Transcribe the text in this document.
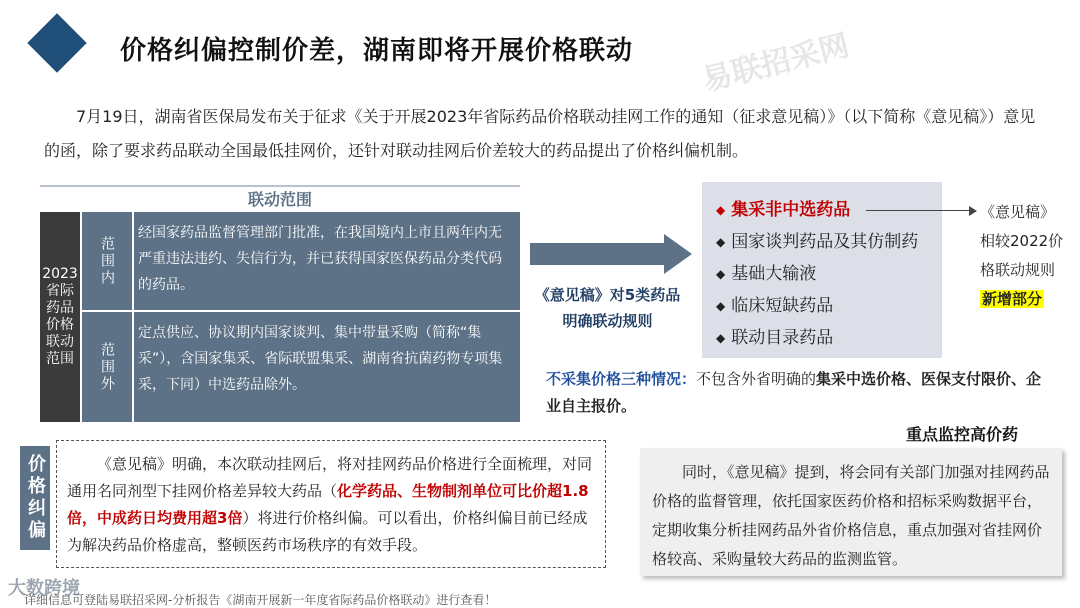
价格纠偏控制价差，湖南即将开展价格联动 易联招采网
7月19日，湖南省医保局发布关于征求《关于开展2023年省际药品价格联动挂网工作的通知（征求意见稿）》（以下简称《意见稿》）意见的函，除了要求药品联动全国最低挂网价，还针对联动挂网后价差较大的药品提出了价格纠偏机制。
联动范围
2023省际药品价格联动范围
范围内
经国家药品监督管理部门批准，在我国境内上市且两年内无严重违法违约、失信行为，并已获得国家医保药品分类代码的药品。
范围外
定点供应、协议期内国家谈判、集中带量采购（简称“集采”），含国家集采、省际联盟集采、湖南省抗菌药物专项集采，下同）中选药品除外。
《意见稿》对5类药品明确联动规则
◆ 集采非中选药品
◆ 国家谈判药品及其仿制药
◆ 基础大输液
◆ 临床短缺药品
◆ 联动目录药品
《意见稿》
相较2022价
格联动规则
新增部分
不采集价格三种情况：不包含外省明确的集采中选价格、医保支付限价、企业自主报价。
重点监控高价药
价格纠偏	《意见稿》明确，本次联动挂网后，将对挂网药品价格进行全面梳理，对同通用名同剂型下挂网价格差异较大药品（化学药品、生物制剂单位可比价超1.8倍，中成药日均费用超3倍）将进行价格纠偏。可以看出，价格纠偏目前已经成为解决药品价格虚高，整顿医药市场秩序的有效手段。
同时，《意见稿》提到，将会同有关部门加强对挂网药品价格的监督管理，依托国家医药价格和招标采购数据平台，定期收集分析挂网药品外省价格信息，重点加强对省挂网价格较高、采购量较大药品的监测监管。
大数跨境
详细信息可登陆易联招采网-分析报告《湖南开展新一年度省际药品价格联动》进行查看！
